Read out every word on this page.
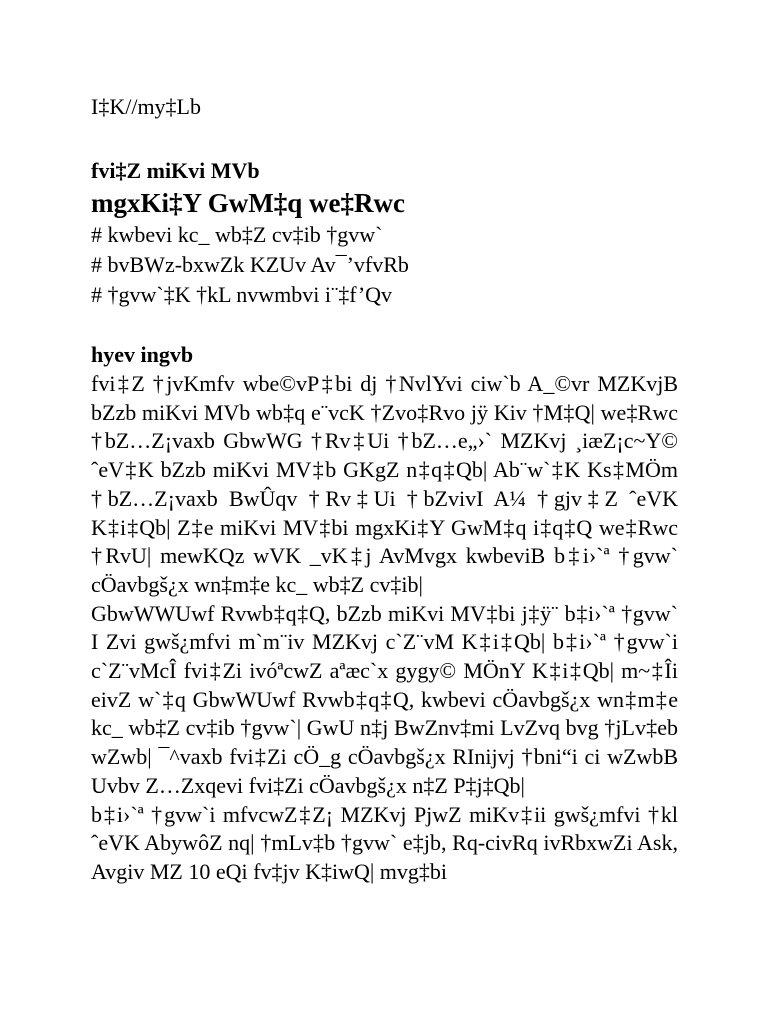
I‡K//my‡Lb

fvi‡Z miKvi MVb

mgxKi‡Y GwM‡q we‡Rwc
# kwbevi kc_ wb‡Z cv‡ib †gvw`
# bvBWz-bxwZk KZUv Av¯’vfvRb
# †gvw`‡K †kL nvwmbvi i¨‡f’Qv

hyev ingvb

fvi‡Z †jvKmfv wbe©vP‡bi dj †NvlYvi ciw`b A_©vr MZKvjB bZzb miKvi MVb wb‡q e¨vcK †Zvo‡Rvo jÿ Kiv †M‡Q| we‡Rwc †bZ…Z¡vaxb GbwWG †Rv‡Ui †bZ…e„›` MZKvj ¸iæZ¡c~Y© ˆeV‡K bZzb miKvi MV‡b GKgZ n‡q‡Qb| Ab¨w`‡K Ks‡MÖm †bZ…Z¡vaxb BwÛqv †Rv‡Ui †bZvivI A¼ †gjv‡Z ˆeVK K‡i‡Qb| Z‡e miKvi MV‡bi mgxKi‡Y GwM‡q i‡q‡Q we‡Rwc †RvU| mewKQz wVK _vK‡j AvMvgx kwbeviB b‡i›`ª †gvw` cÖavbgš¿x wn‡m‡e kc_ wb‡Z cv‡ib|

GbwWWUwf Rvwb‡q‡Q, bZzb miKvi MV‡bi j‡ÿ¨ b‡i›`ª †gvw` I Zvi gwš¿mfvi m`m¨iv MZKvj c`Z¨vM K‡i‡Qb| b‡i›`ª †gvw`i c`Z¨vMcÎ fvi‡Zi ivóªcwZ aªæc`x gygy© MÖnY K‡i‡Qb| m~‡Îi eivZ w`‡q GbwWUwf Rvwb‡q‡Q, kwbevi cÖavbgš¿x wn‡m‡e kc_ wb‡Z cv‡ib †gvw`| GwU n‡j BwZnv‡mi LvZvq bvg †jLv‡eb wZwb| ¯^vaxb fvi‡Zi cÖ_g cÖavbgš¿x RInijvj †bni“i ci wZwbB Uvbv Z…Zxqevi fvi‡Zi cÖavbgš¿x n‡Z P‡j‡Qb|

b‡i›`ª †gvw`i mfvcwZ‡Z¡ MZKvj PjwZ miKv‡ii gwš¿mfvi †kl ˆeVK AbywôZ nq| †mLv‡b †gvw` e‡jb, Rq-civRq ivRbxwZi Ask, Avgiv MZ 10 eQi fv‡jv K‡iwQ| mvg‡bi
